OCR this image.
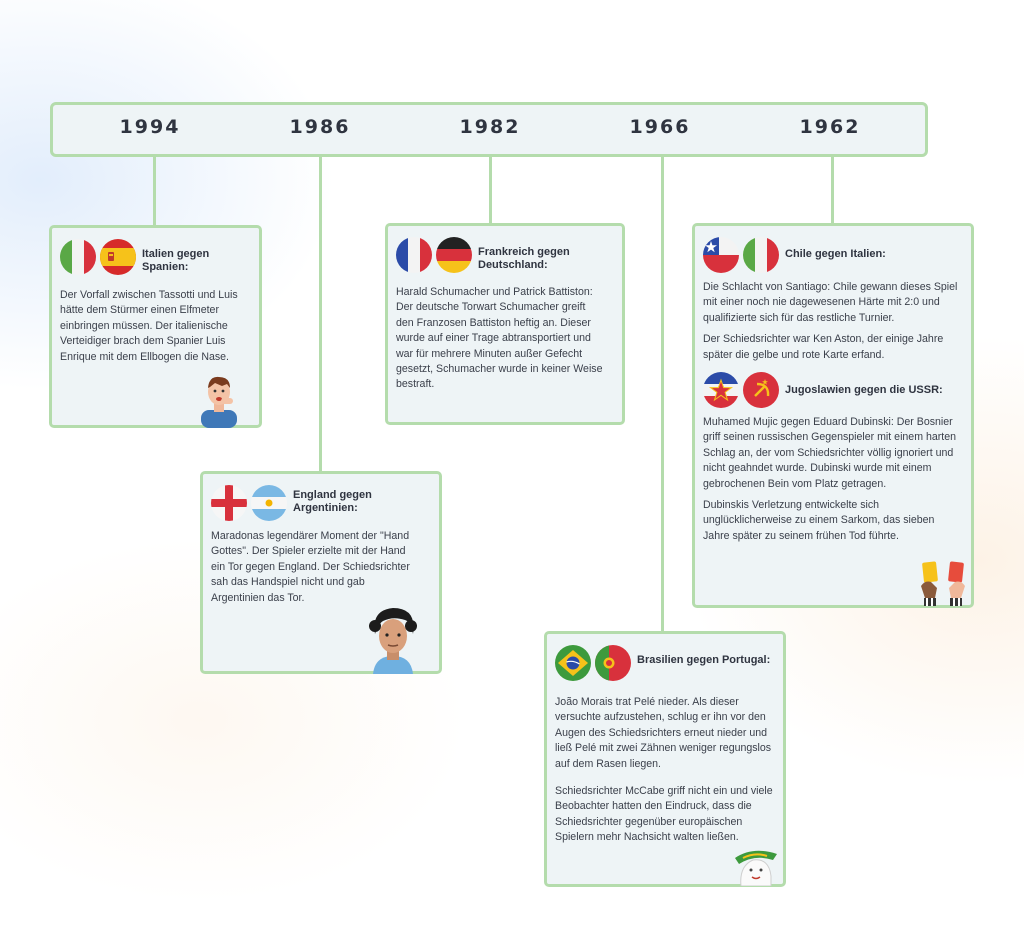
1994	1986	1982	1966	1962
Italien gegen Spanien:
Der Vorfall zwischen Tassotti und Luis hätte dem Stürmer einen Elfmeter einbringen müssen. Der italienische Verteidiger brach dem Spanier Luis Enrique mit dem Ellbogen die Nase.
England gegen Argentinien:
Maradonas legendärer Moment der "Hand Gottes". Der Spieler erzielte mit der Hand ein Tor gegen England. Der Schiedsrichter sah das Handspiel nicht und gab Argentinien das Tor.
Frankreich gegen Deutschland:
Harald Schumacher und Patrick Battiston: Der deutsche Torwart Schumacher greift den Franzosen Battiston heftig an. Dieser wurde auf einer Trage abtransportiert und war für mehrere Minuten außer Gefecht gesetzt, Schumacher wurde in keiner Weise bestraft.
Brasilien gegen Portugal:

João Morais trat Pelé nieder. Als dieser versuchte aufzustehen, schlug er ihn vor den Augen des Schiedsrichters erneut nieder und ließ Pelé mit zwei Zähnen weniger regungslos auf dem Rasen liegen.

Schiedsrichter McCabe griff nicht ein und viele Beobachter hatten den Eindruck, dass die Schiedsrichter gegenüber europäischen Spielern mehr Nachsicht walten ließen.

Chile gegen Italien:

Die Schlacht von Santiago: Chile gewann dieses Spiel mit einer noch nie dagewesenen Härte mit 2:0 und qualifizierte sich für das restliche Turnier.

Der Schiedsrichter war Ken Aston, der einige Jahre später die gelbe und rote Karte erfand.

Jugoslawien gegen die USSR:

Muhamed Mujic gegen Eduard Dubinski: Der Bosnier griff seinen russischen Gegenspieler mit einem harten Schlag an, der vom Schiedsrichter völlig ignoriert und nicht geahndet wurde. Dubinski wurde mit einem gebrochenen Bein vom Platz getragen.

Dubinskis Verletzung entwickelte sich unglücklicherweise zu einem Sarkom, das sieben Jahre später zu seinem frühen Tod führte.
